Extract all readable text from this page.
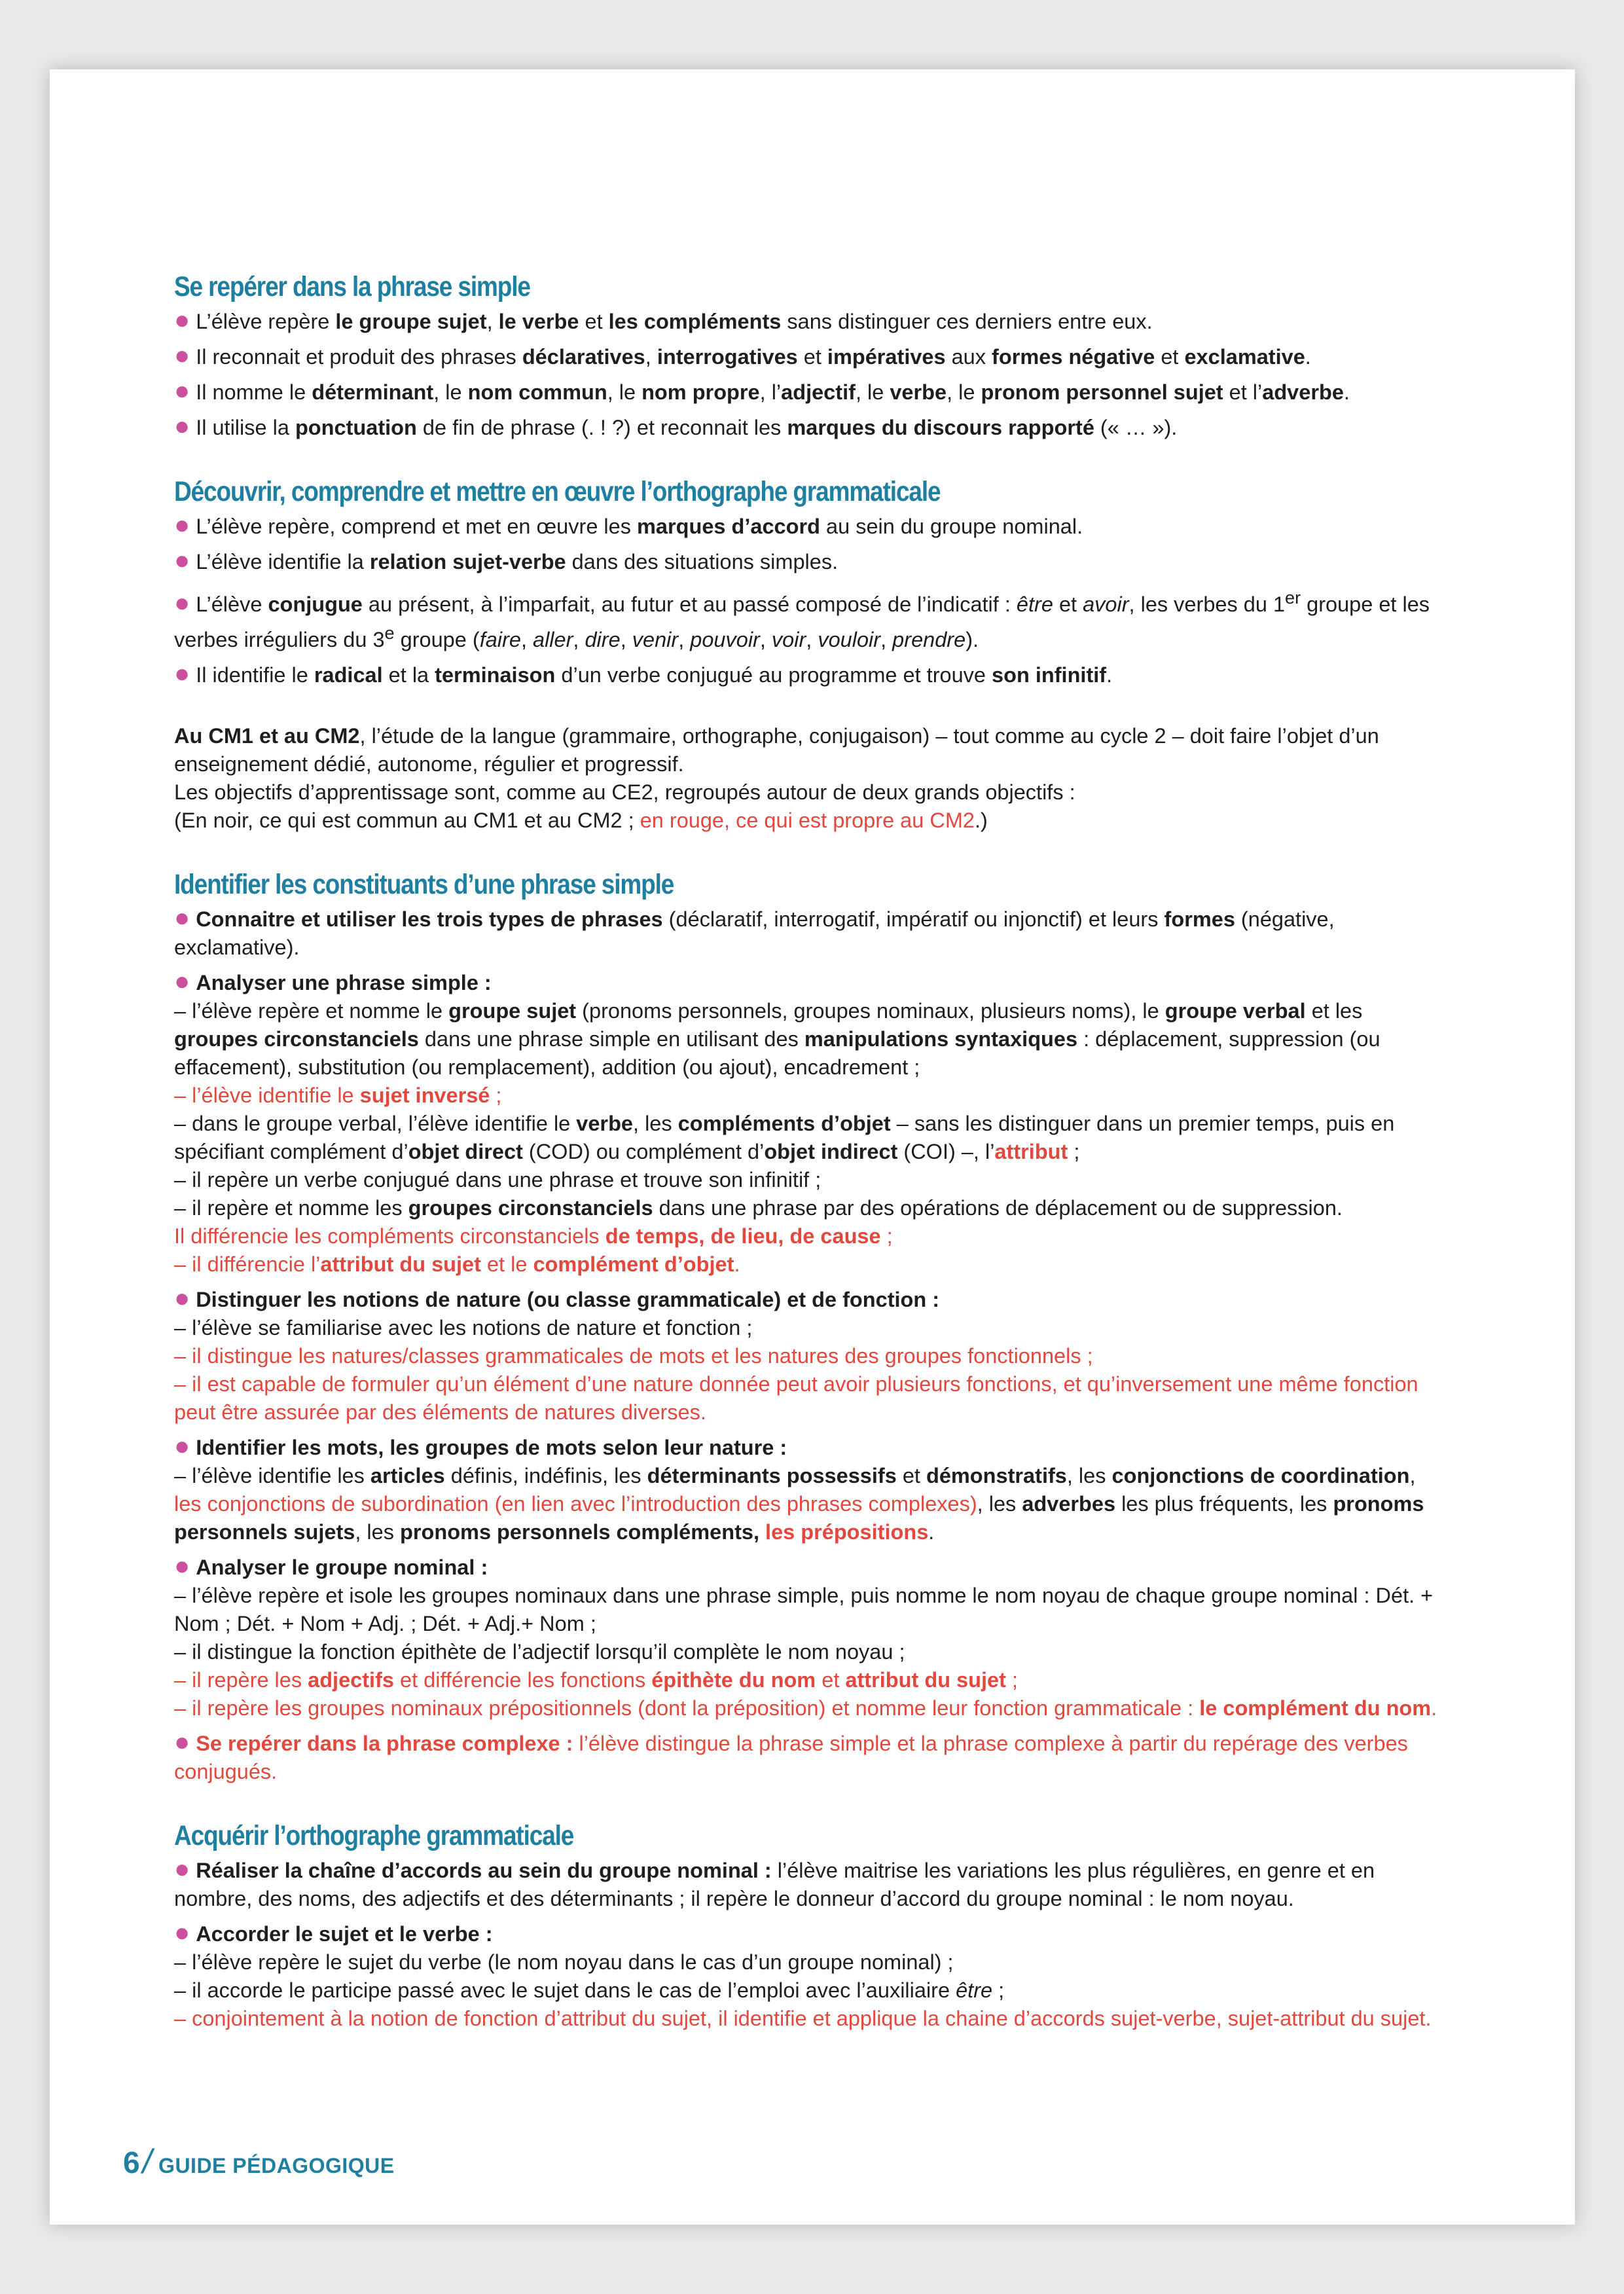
Se repérer dans la phrase simple

● L’élève repère le groupe sujet, le verbe et les compléments sans distinguer ces derniers entre eux.

● Il reconnait et produit des phrases déclaratives, interrogatives et impératives aux formes négative et exclamative.

● Il nomme le déterminant, le nom commun, le nom propre, l’adjectif, le verbe, le pronom personnel sujet et l’adverbe.

● Il utilise la ponctuation de fin de phrase (. ! ?) et reconnait les marques du discours rapporté (« … »).

Découvrir, comprendre et mettre en œuvre l’orthographe grammaticale

● L’élève repère, comprend et met en œuvre les marques d’accord au sein du groupe nominal.

● L’élève identifie la relation sujet-verbe dans des situations simples.

● L’élève conjugue au présent, à l’imparfait, au futur et au passé composé de l’indicatif : être et avoir, les verbes du 1er groupe et les verbes irréguliers du 3e groupe (faire, aller, dire, venir, pouvoir, voir, vouloir, prendre).

● Il identifie le radical et la terminaison d’un verbe conjugué au programme et trouve son infinitif.

Au CM1 et au CM2, l’étude de la langue (grammaire, orthographe, conjugaison) – tout comme au cycle 2 – doit faire l’objet d’un enseignement dédié, autonome, régulier et progressif.
Les objectifs d’apprentissage sont, comme au CE2, regroupés autour de deux grands objectifs :
(En noir, ce qui est commun au CM1 et au CM2 ; en rouge, ce qui est propre au CM2.)
Identifier les constituants d’une phrase simple

● Connaitre et utiliser les trois types de phrases (déclaratif, interrogatif, impératif ou injonctif) et leurs formes (négative, exclamative).

● Analyser une phrase simple :
– l’élève repère et nomme le groupe sujet (pronoms personnels, groupes nominaux, plusieurs noms), le groupe verbal et les groupes circonstanciels dans une phrase simple en utilisant des manipulations syntaxiques : déplacement, suppression (ou effacement), substitution (ou remplacement), addition (ou ajout), encadrement ;
– l’élève identifie le sujet inversé ;
– dans le groupe verbal, l’élève identifie le verbe, les compléments d’objet – sans les distinguer dans un premier temps, puis en spécifiant complément d’objet direct (COD) ou complément d’objet indirect (COI) –, l’attribut ;
– il repère un verbe conjugué dans une phrase et trouve son infinitif ;
– il repère et nomme les groupes circonstanciels dans une phrase par des opérations de déplacement ou de suppression.
Il différencie les compléments circonstanciels de temps, de lieu, de cause ;
– il différencie l’attribut du sujet et le complément d’objet.

● Distinguer les notions de nature (ou classe grammaticale) et de fonction :
– l’élève se familiarise avec les notions de nature et fonction ;
– il distingue les natures/classes grammaticales de mots et les natures des groupes fonctionnels ;
– il est capable de formuler qu’un élément d’une nature donnée peut avoir plusieurs fonctions, et qu’inversement une même fonction peut être assurée par des éléments de natures diverses.

● Identifier les mots, les groupes de mots selon leur nature :
– l’élève identifie les articles définis, indéfinis, les déterminants possessifs et démonstratifs, les conjonctions de coordination, les conjonctions de subordination (en lien avec l’introduction des phrases complexes), les adverbes les plus fréquents, les pronoms personnels sujets, les pronoms personnels compléments, les prépositions.

● Analyser le groupe nominal :
– l’élève repère et isole les groupes nominaux dans une phrase simple, puis nomme le nom noyau de chaque groupe nominal : Dét. + Nom ; Dét. + Nom + Adj. ; Dét. + Adj.+ Nom ;
– il distingue la fonction épithète de l’adjectif lorsqu’il complète le nom noyau ;
– il repère les adjectifs et différencie les fonctions épithète du nom et attribut du sujet ;
– il repère les groupes nominaux prépositionnels (dont la préposition) et nomme leur fonction grammaticale : le complément du nom.

● Se repérer dans la phrase complexe : l’élève distingue la phrase simple et la phrase complexe à partir du repérage des verbes conjugués.

Acquérir l’orthographe grammaticale

● Réaliser la chaîne d’accords au sein du groupe nominal : l’élève maitrise les variations les plus régulières, en genre et en nombre, des noms, des adjectifs et des déterminants ; il repère le donneur d’accord du groupe nominal : le nom noyau.

● Accorder le sujet et le verbe :
– l’élève repère le sujet du verbe (le nom noyau dans le cas d’un groupe nominal) ;
– il accorde le participe passé avec le sujet dans le cas de l’emploi avec l’auxiliaire être ;
– conjointement à la notion de fonction d’attribut du sujet, il identifie et applique la chaine d’accords sujet-verbe, sujet-attribut du sujet.

6 / GUIDE PÉDAGOGIQUE
